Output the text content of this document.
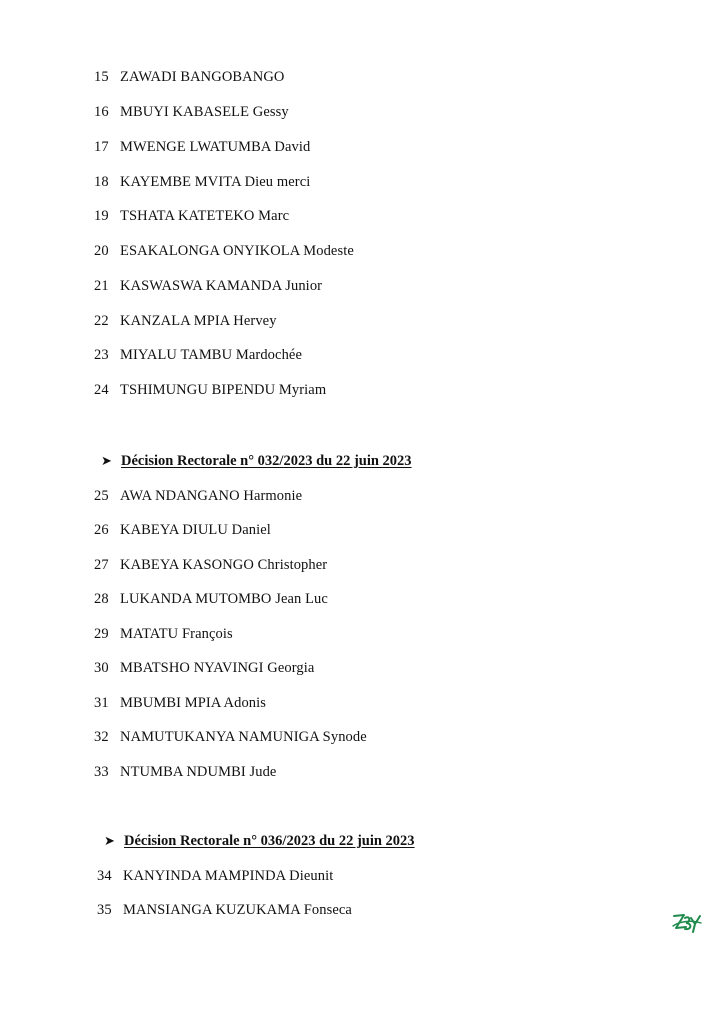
15 ZAWADI BANGOBANGO
16 MBUYI KABASELE Gessy
17 MWENGE LWATUMBA David
18 KAYEMBE MVITA Dieu merci
19 TSHATA KATETEKO Marc
20 ESAKALONGA ONYIKOLA Modeste
21 KASWASWA KAMANDA Junior
22 KANZALA MPIA Hervey
23 MIYALU TAMBU Mardochée
24 TSHIMUNGU BIPENDU Myriam
➤ Décision Rectorale n° 032/2023 du 22 juin 2023
25 AWA NDANGANO Harmonie
26 KABEYA DIULU Daniel
27 KABEYA KASONGO Christopher
28 LUKANDA MUTOMBO Jean Luc
29 MATATU François
30 MBATSHO NYAVINGI Georgia
31 MBUMBI MPIA Adonis
32 NAMUTUKANYA NAMUNIGA Synode
33 NTUMBA NDUMBI Jude
➤ Décision Rectorale n° 036/2023 du 22 juin 2023
34 KANYINDA MAMPINDA Dieunit
35 MANSIANGA KUZUKAMA Fonseca
